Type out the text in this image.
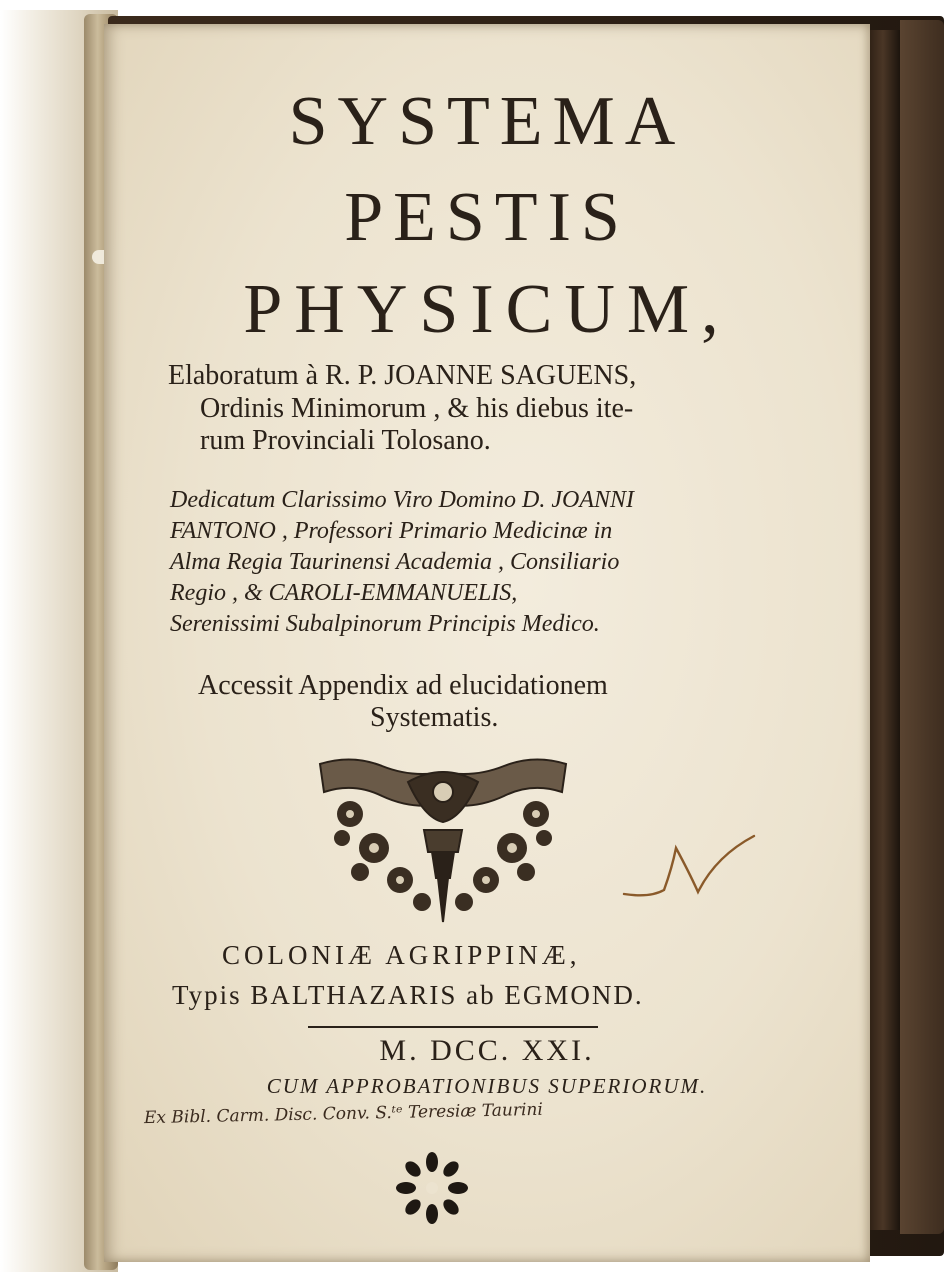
SYSTEMA
PESTIS
PHYSICUM,
Elaboratum à R. P. JOANNE SAGUENS,
Ordinis Minimorum , & his diebus ite-
rum Provinciali Tolosano.
Dedicatum Clarissimo Viro Domino D. JOANNI
FANTONO , Professori Primario Medicinæ in
Alma Regia Taurinensi Academia , Consiliario
Regio , & CAROLI-EMMANUELIS,
Serenissimi Subalpinorum Principis Medico.
Accessit Appendix ad elucidationem
Systematis.
COLONIÆ AGRIPPINÆ,
Typis BALTHAZARIS ab EGMOND.
M. DCC. XXI.
CUM APPROBATIONIBUS SUPERIORUM.
Ex Bibl. Carm. Disc. Conv. S.ᵗᵉ Teresiæ Taurini
